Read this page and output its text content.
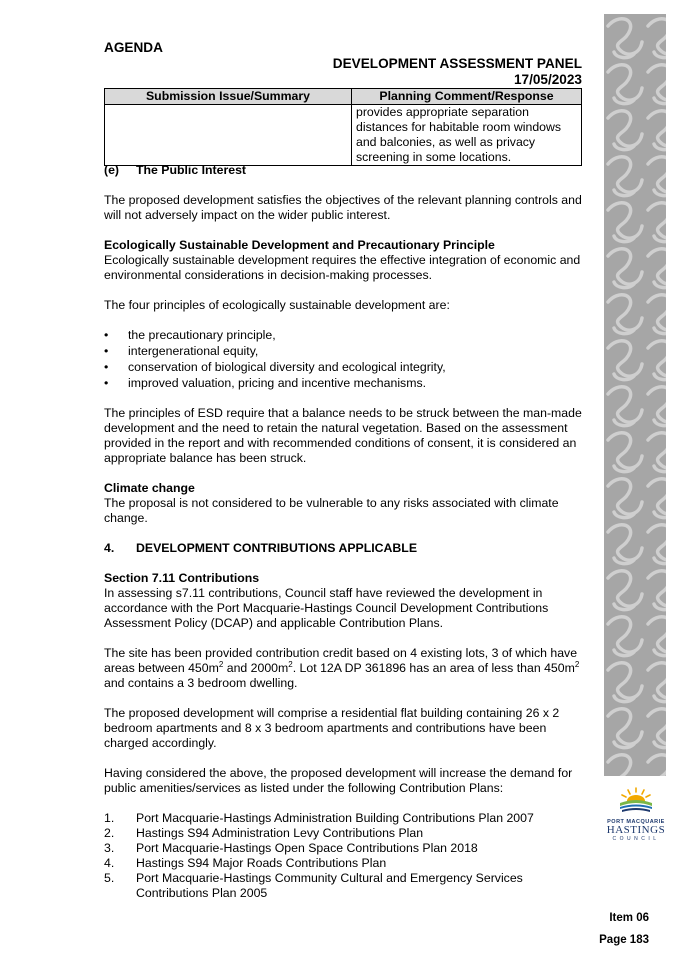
AGENDA
DEVELOPMENT ASSESSMENT PANEL
17/05/2023
Submission Issue/Summary	Planning Comment/Response
	provides appropriate separation distances for habitable room windows and balconies, as well as privacy screening in some locations.
(e)	The Public Interest

The proposed development satisfies the objectives of the relevant planning controls and will not adversely impact on the wider public interest.

Ecologically Sustainable Development and Precautionary Principle

Ecologically sustainable development requires the effective integration of economic and environmental considerations in decision-making processes.

The four principles of ecologically sustainable development are:

•	the precautionary principle,
•	intergenerational equity,
•	conservation of biological diversity and ecological integrity,
•	improved valuation, pricing and incentive mechanisms.

The principles of ESD require that a balance needs to be struck between the man-made development and the need to retain the natural vegetation. Based on the assessment provided in the report and with recommended conditions of consent, it is considered an appropriate balance has been struck.

Climate change

The proposal is not considered to be vulnerable to any risks associated with climate change.

4.	DEVELOPMENT CONTRIBUTIONS APPLICABLE

Section 7.11 Contributions

In assessing s7.11 contributions, Council staff have reviewed the development in accordance with the Port Macquarie-Hastings Council Development Contributions Assessment Policy (DCAP) and applicable Contribution Plans.

The site has been provided contribution credit based on 4 existing lots, 3 of which have areas between $450m^2$ and $2000m^2$. Lot 12A DP 361896 has an area of less than $450m^2$ and contains a 3 bedroom dwelling.

The proposed development will comprise a residential flat building containing 26 x 2 bedroom apartments and 8 x 3 bedroom apartments and contributions have been charged accordingly.

Having considered the above, the proposed development will increase the demand for public amenities/services as listed under the following Contribution Plans:

1.	Port Macquarie-Hastings Administration Building Contributions Plan 2007
2.	Hastings S94 Administration Levy Contributions Plan
3.	Port Macquarie-Hastings Open Space Contributions Plan 2018
4.	Hastings S94 Major Roads Contributions Plan
5.	Port Macquarie-Hastings Community Cultural and Emergency Services Contributions Plan 2005
PORT MACQUARIE
HASTINGS
COUNCIL
Item 06
Page 183
